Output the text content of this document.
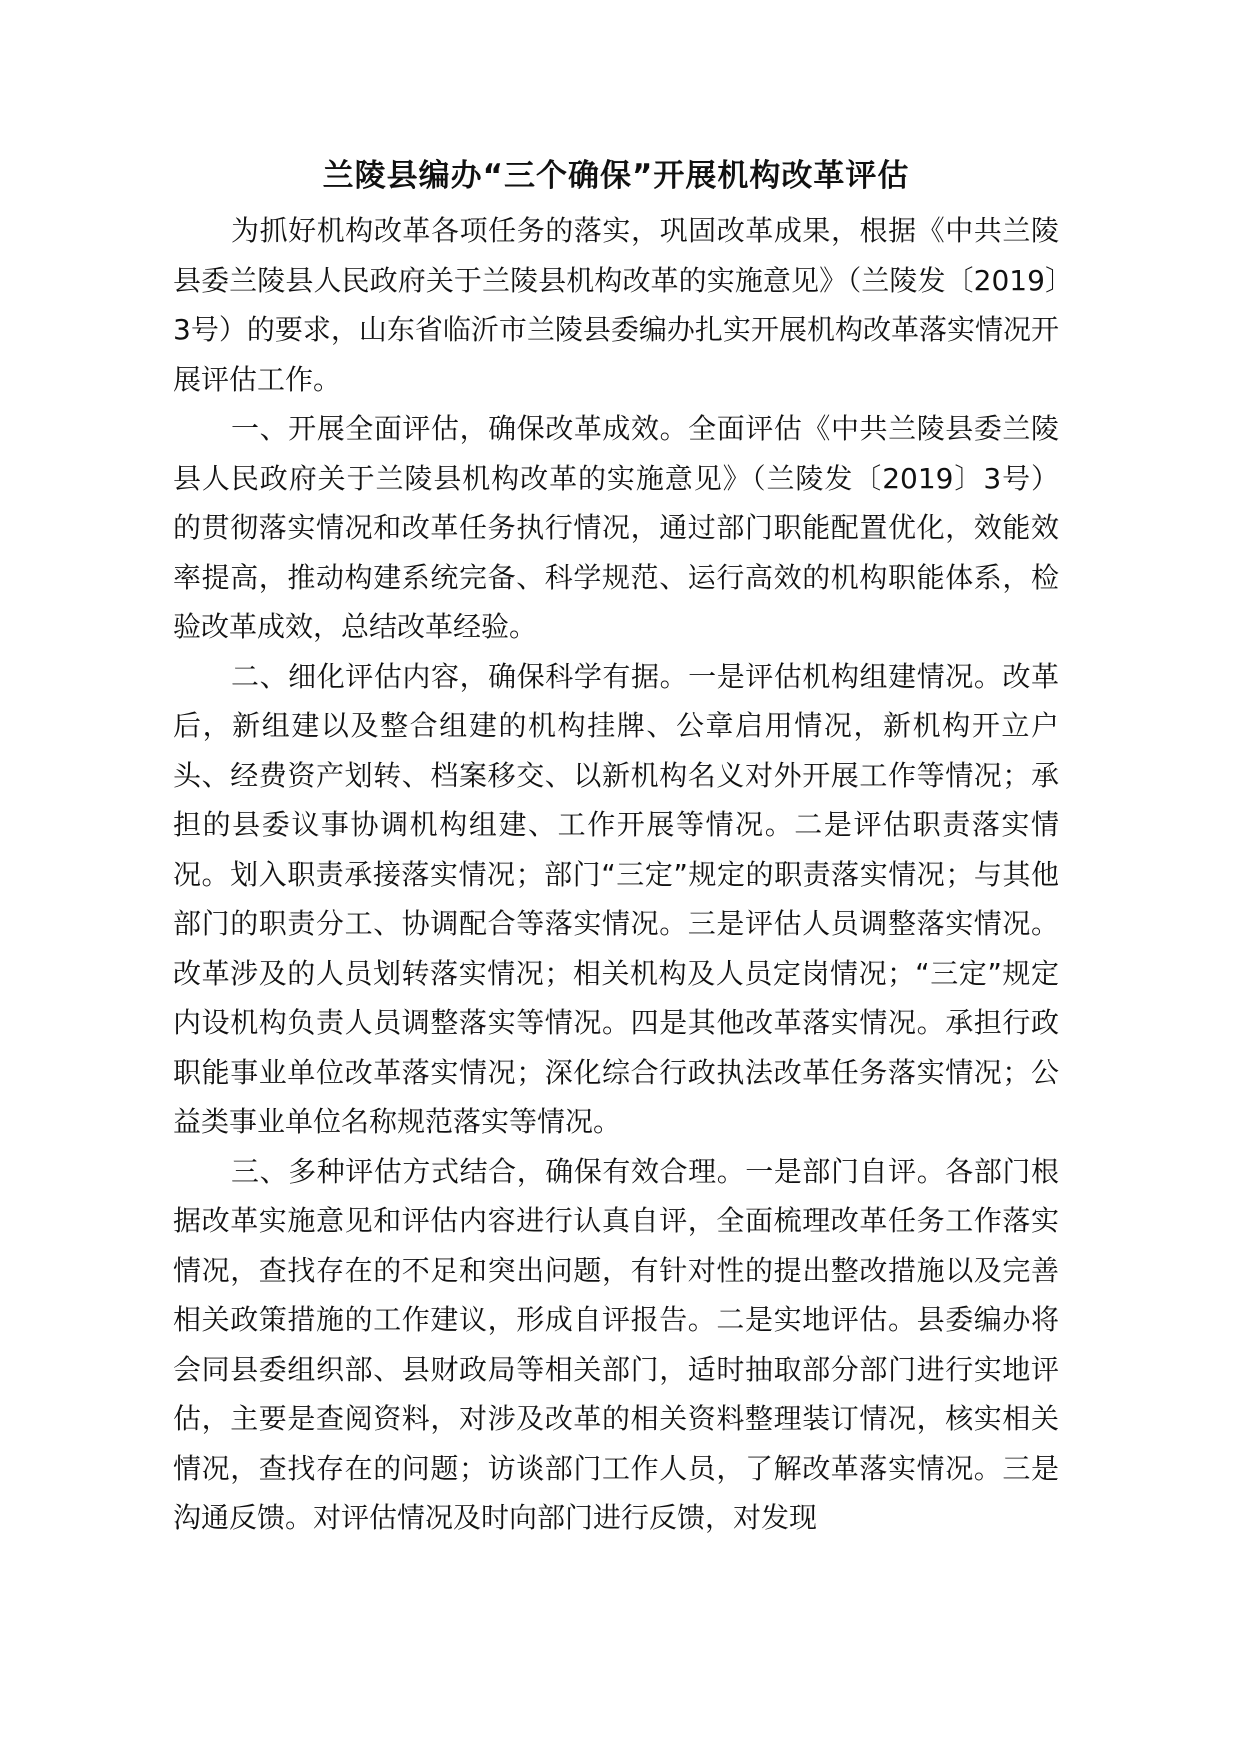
兰陵县编办“三个确保”开展机构改革评估

为抓好机构改革各项任务的落实，巩固改革成果，根据《中共兰陵县委兰陵县人民政府关于兰陵县机构改革的实施意见》（兰陵发〔2019〕3号）的要求，山东省临沂市兰陵县委编办扎实开展机构改革落实情况开展评估工作。

一、开展全面评估，确保改革成效。全面评估《中共兰陵县委兰陵县人民政府关于兰陵县机构改革的实施意见》（兰陵发〔2019〕3号）的贯彻落实情况和改革任务执行情况，通过部门职能配置优化，效能效率提高，推动构建系统完备、科学规范、运行高效的机构职能体系，检验改革成效，总结改革经验。

二、细化评估内容，确保科学有据。一是评估机构组建情况。改革后，新组建以及整合组建的机构挂牌、公章启用情况，新机构开立户头、经费资产划转、档案移交、以新机构名义对外开展工作等情况；承担的县委议事协调机构组建、工作开展等情况。二是评估职责落实情况。划入职责承接落实情况；部门“三定”规定的职责落实情况；与其他部门的职责分工、协调配合等落实情况。三是评估人员调整落实情况。改革涉及的人员划转落实情况；相关机构及人员定岗情况；“三定”规定内设机构负责人员调整落实等情况。四是其他改革落实情况。承担行政职能事业单位改革落实情况；深化综合行政执法改革任务落实情况；公益类事业单位名称规范落实等情况。

三、多种评估方式结合，确保有效合理。一是部门自评。各部门根据改革实施意见和评估内容进行认真自评，全面梳理改革任务工作落实情况，查找存在的不足和突出问题，有针对性的提出整改措施以及完善相关政策措施的工作建议，形成自评报告。二是实地评估。县委编办将会同县委组织部、县财政局等相关部门，适时抽取部分部门进行实地评估，主要是查阅资料，对涉及改革的相关资料整理装订情况，核实相关情况，查找存在的问题；访谈部门工作人员，了解改革落实情况。三是沟通反馈。对评估情况及时向部门进行反馈，对发现
